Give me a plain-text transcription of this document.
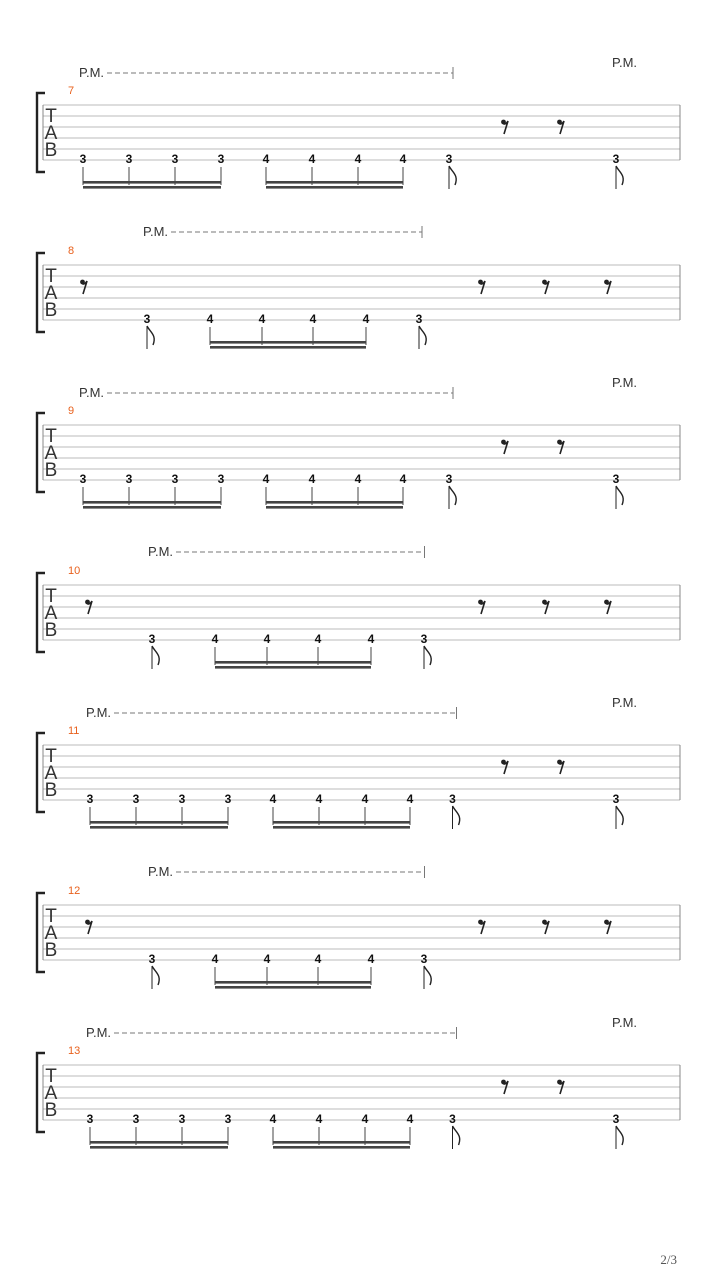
T
A
B
7
P.M.
P.M.
3	3	3	3	4	4	4	4	3	3
T
A
B
8
P.M.
3	4	4	4	4	3
T
A
B
9
P.M.
P.M.
3	3	3	3	4	4	4	4	3	3
T
A
B
10
P.M.
3	4	4	4	4	3
T
A
B
11
P.M.
P.M.
3	3	3	3	4	4	4	4	3	3
T
A
B
12
P.M.
3	4	4	4	4	3
T
A
B
13
P.M.
P.M.
3	3	3	3	4	4	4	4	3	3
2/3
